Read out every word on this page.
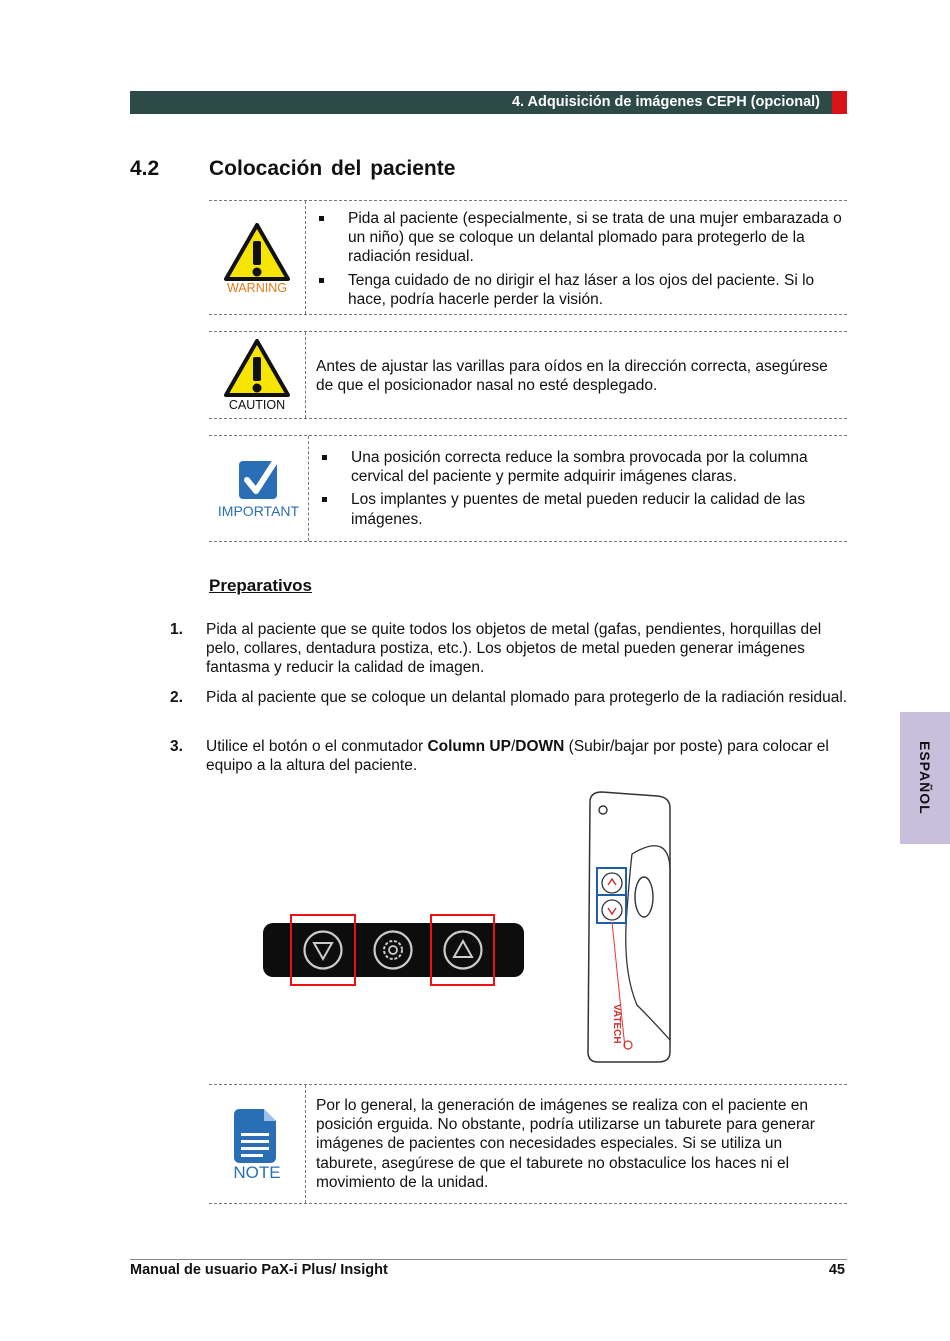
4. Adquisición de imágenes CEPH (opcional)
4.2 Colocación del paciente
WARNING
Pida al paciente (especialmente, si se trata de una mujer embarazada o un niño) que se coloque un delantal plomado para protegerlo de la radiación residual.
Tenga cuidado de no dirigir el haz láser a los ojos del paciente. Si lo hace, podría hacerle perder la visión.
CAUTION
Antes de ajustar las varillas para oídos en la dirección correcta, asegúrese de que el posicionador nasal no esté desplegado.
IMPORTANT
Una posición correcta reduce la sombra provocada por la columna cervical del paciente y permite adquirir imágenes claras.
Los implantes y puentes de metal pueden reducir la calidad de las imágenes.
Preparativos
1. Pida al paciente que se quite todos los objetos de metal (gafas, pendientes, horquillas del pelo, collares, dentadura postiza, etc.). Los objetos de metal pueden generar imágenes fantasma y reducir la calidad de imagen.
2. Pida al paciente que se coloque un delantal plomado para protegerlo de la radiación residual.
3. Utilice el botón o el conmutador Column UP/DOWN (Subir/bajar por poste) para colocar el equipo a la altura del paciente.
VATECH
NOTE
Por lo general, la generación de imágenes se realiza con el paciente en posición erguida. No obstante, podría utilizarse un taburete para generar imágenes de pacientes con necesidades especiales. Si se utiliza un taburete, asegúrese de que el taburete no obstaculice los haces ni el movimiento de la unidad.
ESPAÑOL
Manual de usuario PaX-i Plus/ Insight	45
